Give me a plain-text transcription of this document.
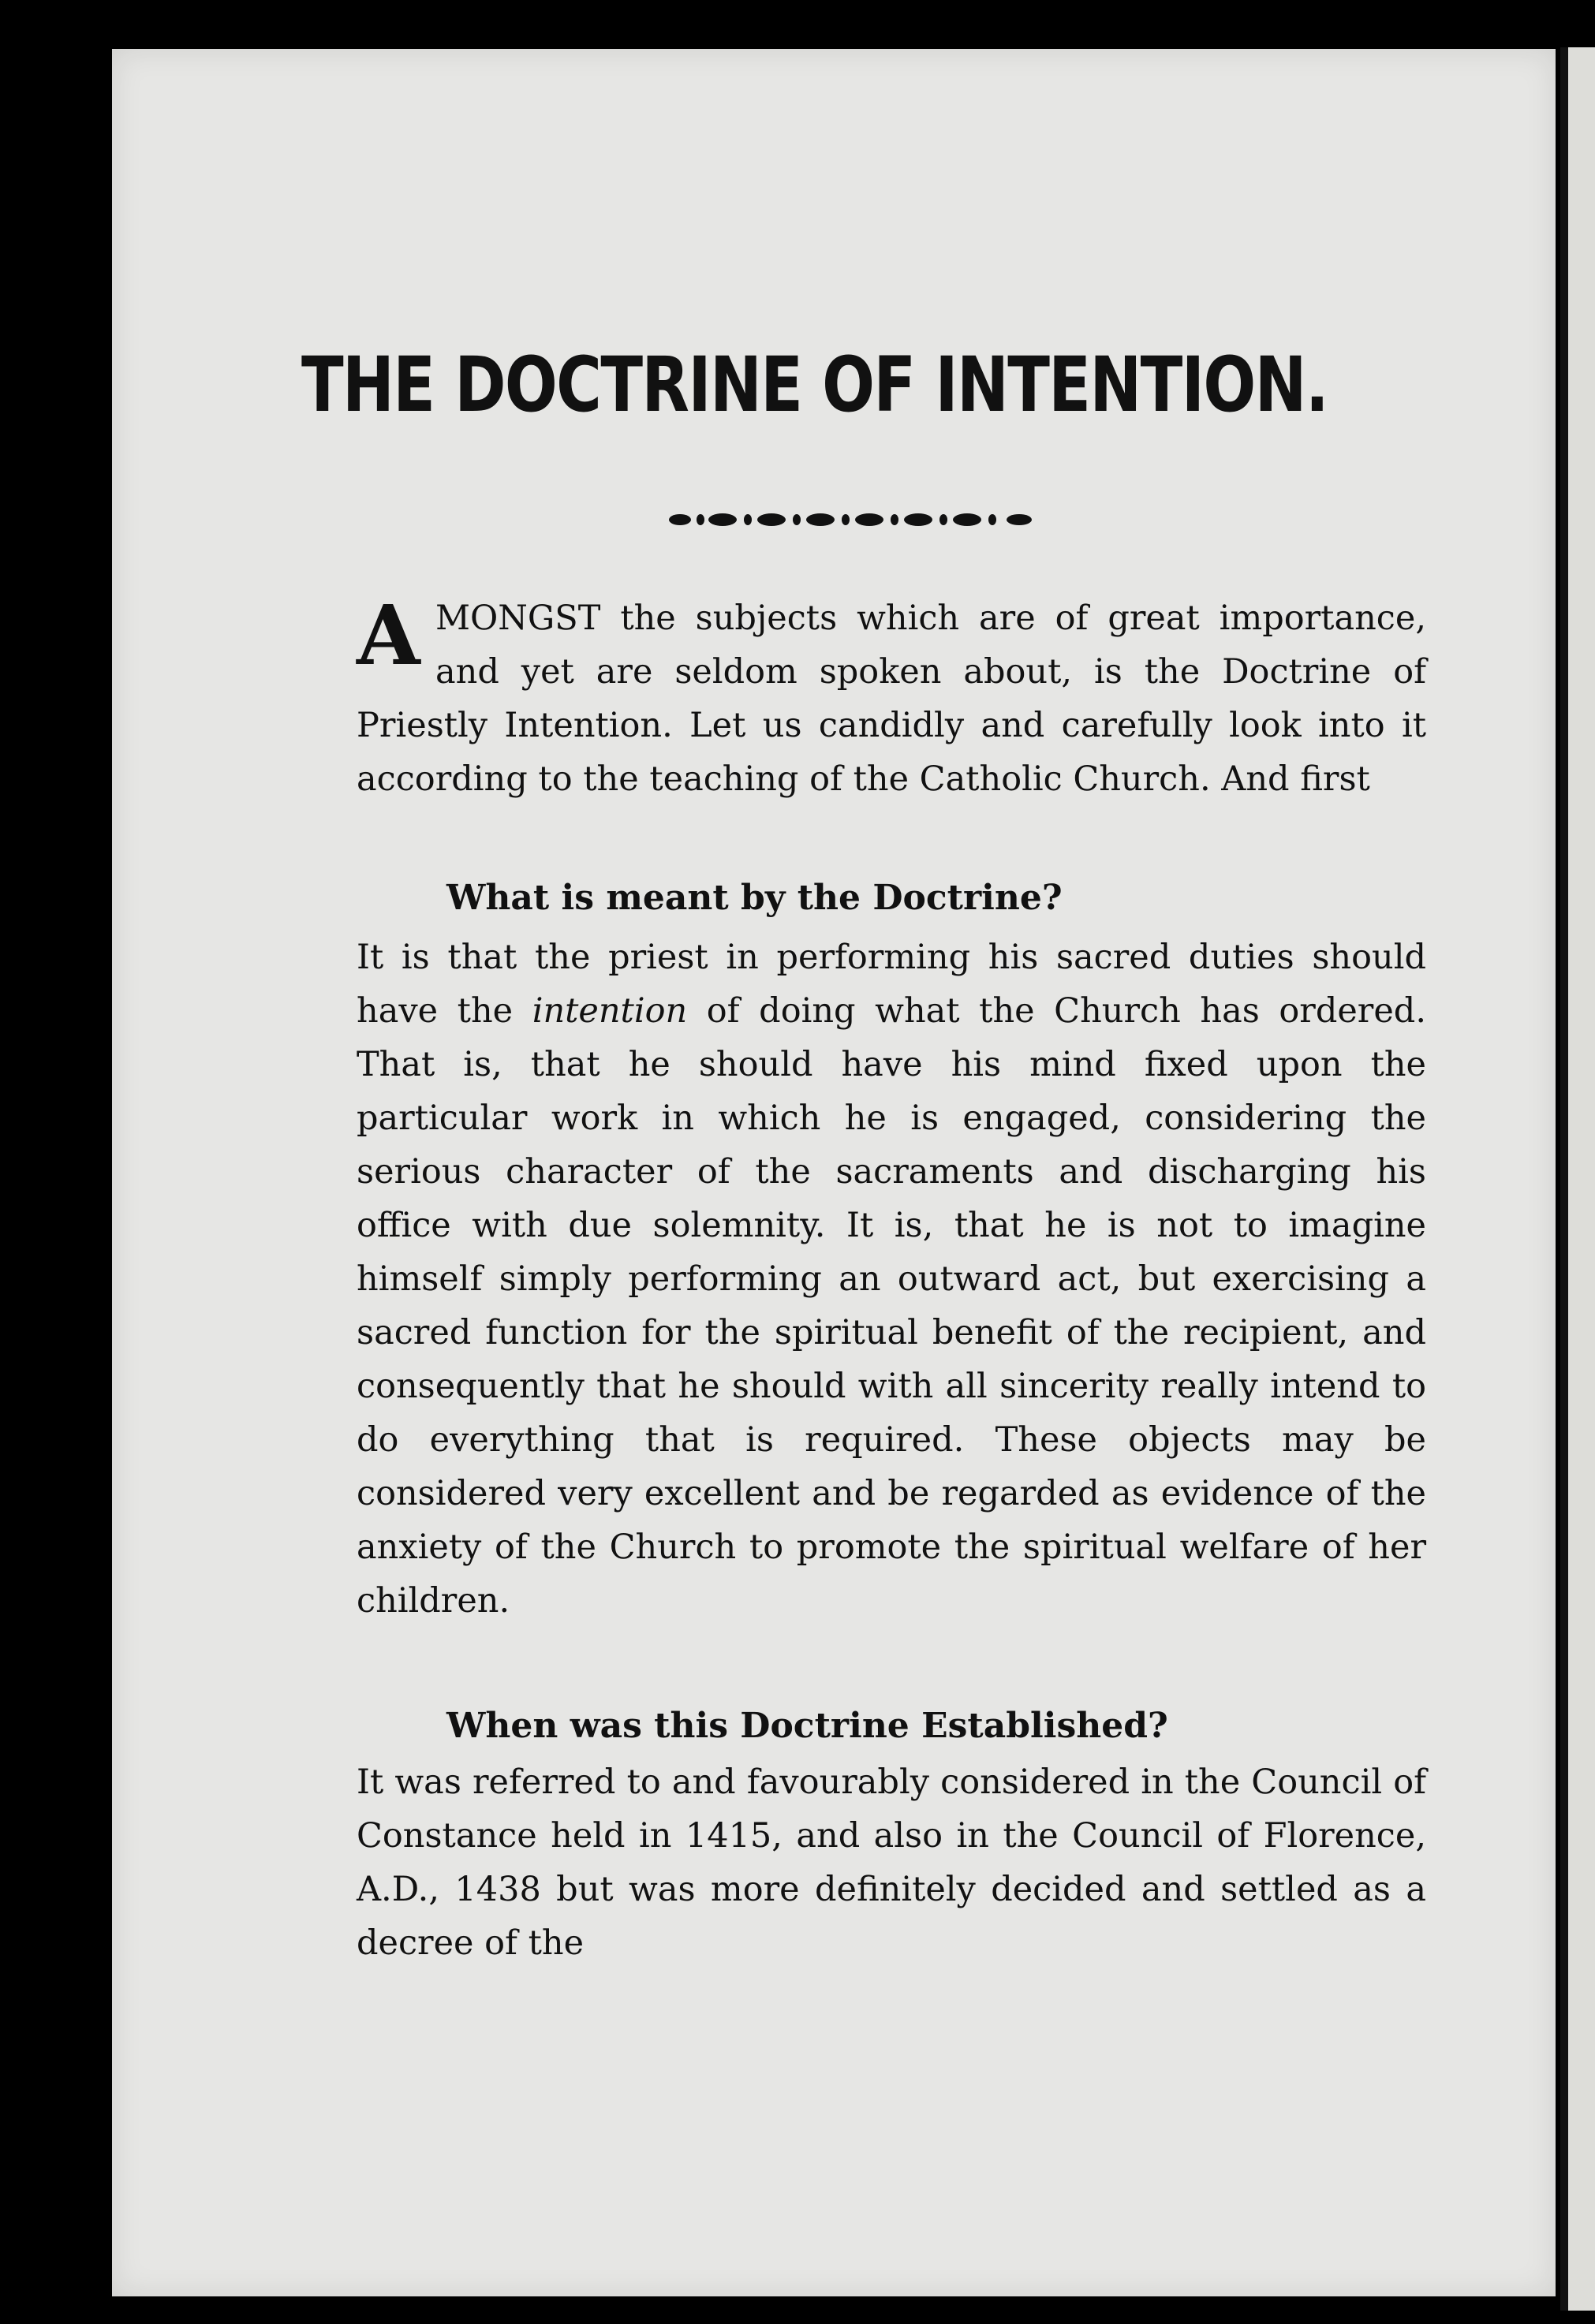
THE DOCTRINE OF INTENTION.

AMONGST the subjects which are of great importance, and yet are seldom spoken about, is the Doctrine of Priestly Intention. Let us candidly and carefully look into it according to the teaching of the Catholic Church. And first

What is meant by the Doctrine?

It is that the priest in performing his sacred duties should have the intention of doing what the Church has ordered. That is, that he should have his mind fixed upon the particular work in which he is engaged, considering the serious character of the sacraments and discharging his office with due solemnity. It is, that he is not to imagine himself simply performing an outward act, but exercising a sacred function for the spiritual benefit of the recipient, and consequently that he should with all sincerity really intend to do everything that is required. These objects may be considered very excellent and be regarded as evidence of the anxiety of the Church to promote the spiritual welfare of her children.

When was this Doctrine Established?

It was referred to and favourably considered in the Council of Constance held in 1415, and also in the Council of Florence, A.D., 1438 but was more definitely decided and settled as a decree of the
